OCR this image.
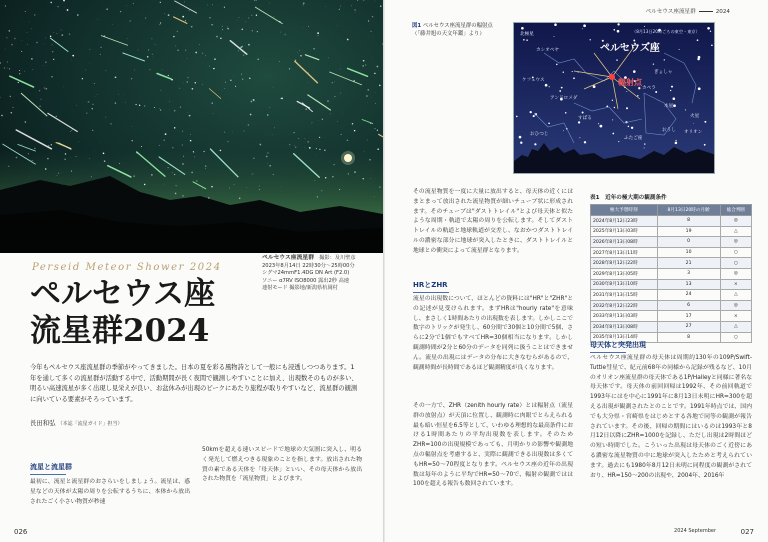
ペルセウス座流星群　 撮影：及川聖彦
2023年8月14日 22時30分～25時00分
シグマ24mmF1.4DG DN Art (F2.0)
ソニー α7RV ISO8000 露出2秒 高速
連射モード 撮影地/新潟県杭岡村
Perseid Meteor Shower 2024
ペルセウス座
流星群2024
今年もペルセウス座流星群の季節がやってきました。日本の夏を彩る風物詩として一般にも浸透しつつあります。1年を通して多くの流星群が活動する中で、活動期間が長く夜間で観測しやすいことに加え、出現数そのものが多い、明るい高速流星が多く出現し見栄えが良い、お盆休みが出現のピークにあたり旅程が取りやすいなど、流星群の観測に向いている要素がそろっています。
長田和弘 （本誌「流星ガイド」担当）
流星と流星群
最初に、流星と流星群のおさらいをしましょう。流星は、惑星などの天体が太陽の周りを公転するうちに、本体から放出されたごく小さい物質が秒速
50kmを超える速いスピードで地球の大気圏に突入し、明るく発光して燃えつきる現象のことを指します。放出された物質の素である天体を「母天体」といい、その母天体から放出された物質を「流星物質」とよびます。
026
ペルセウス座流星群	2024
図1 ペルセウス座流星群の輻射点
（「藤井旭の天文年鑑」より）	（8月13日20時ごろの東空・東京）
ペルセウス座
輻射点
カシオペヤ
ケフェウス
アンドロメダ
おひつじ
おうし
ぎょしゃ
オリオン
ふたご座
木星
火星
すばる
カペラ
北極星
その流星物質を一度に大量に放出すると、母天体の近くにはまとまって放出された流星物質が細いチューブ状に形成されます。そのチューブは"ダストトレイル"とよび母天体と似たような周期・軌道で太陽の周りを公転します。そしてダストトレイルの軌道と地球軌道が交差し、なおかつダストトレイルの濃密な部分に地球が突入したときに、ダストトレイルと地球との衝突によって流星群となります。
HRとZHR
流星の出現数について、ほとんどの資料には"HR"と"ZHR"との記述が見受けられます。まずHRは"hourly rate"を意味し、まさしく1時間あたりの出現数を表します。しかしここで数字のトリックが発生し、60分間で30個と10分間で5個、さらに2分で1個でもすべてHR=30個相当になります。しかし観測時間が2分と60分のデータを同列に扱うことはできません。流星の出現にはデータの分布に大きなむらがあるので、観測時間が長時間であるほど観測精度が良くなります。
その一方で、ZHR（zenith hourly rate）とは輻射点（流星群の放射点）が天頂に位置し、観測時に肉眼でとらえられる最も暗い恒星を6.5等として、いわゆる理想的な最高条件における1時間あたりの平均出現数を表します。そのためZHR=100の出現規模であっても、月明かりの影響や観測地点の輻射点を考慮すると、実際に観測できる出現数は多くてもHR=50～70程度となります。ペルセウス座の近年の出現数は毎年のように平均でHR=50～70で、輻射の観測ではは100を超える報告も数回されています。
表1　 近年の極大期の観測条件
極大予想時刻	8月13日20時の月齢	総合判断
2024年8月12日23時	8	◎
2025年8月13日03時	19	△
2026年8月13日08時	0	◎
2027年8月13日11時	10	○
2028年8月12日22時	21	○
2029年8月13日05時	3	◎
2030年8月13日10時	13	×
2031年8月13日15時	24	△
2032年8月12日22時	6	◎
2033年8月13日03時	17	×
2034年8月13日08時	27	△
2035年8月13日14時	8	○
母天体と突発出現
ペルセウス座流星群の母天体は周期約130年の109P/Swift-Tuttle彗星で、紀元前68年の同様から記録が残るなど、10月のオリオン座流星群の母天体である1P/Halleyと同様に著名な母天体です。母天体の前回回帰は1992年、その前回軌道で1993年にはを中心に1991年に8月13日未明にHR=300を超える出現が観測されたとのことです。1991年時点では、国内でも大分県・宮崎県をはじめとする各地で同等の観測が報告されています。その後、回帰の期間にはいるのは1993年と8月12日以降にZHR=1000を記録し、ただし出現は2時間ほどの短い時間でした。こういった出現は母天体のごく近傍にある濃密な流星物質の中に地球が突入したためと考えられています。過去にも1980年8月12日未明に同程度の観測がされており、HR=150～200の出現や、2004年、2016年
2024 September	027
